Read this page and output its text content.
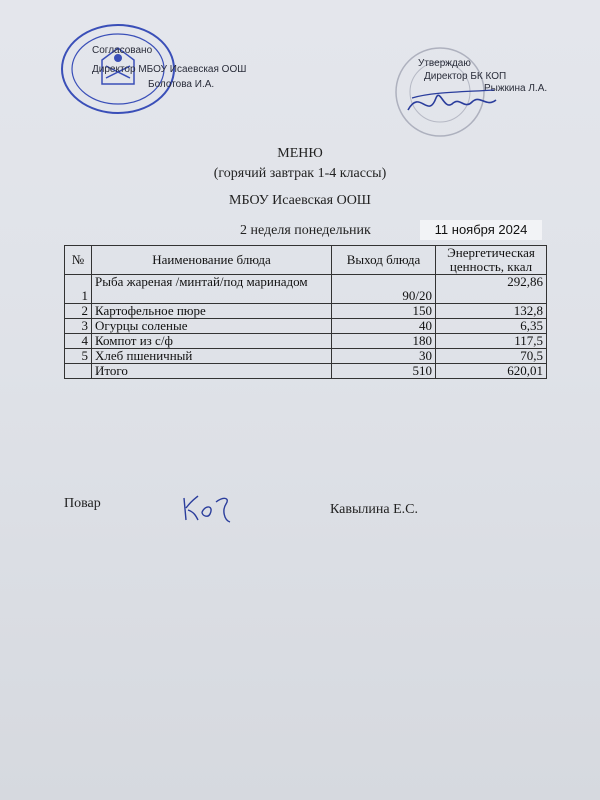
Согласовано
Директор МБОУ Исаевская ООШ
Болотова И.А.
Утверждаю
Директор БК КОП
Рыжкина Л.А.
МЕНЮ
(горячий завтрак 1-4 классы)
МБОУ Исаевская ООШ
2 неделя понедельник	11 ноября 2024
№	Наименование блюда	Выход блюда	Энергетическая
ценность, ккал
1	Рыба жареная /минтай/под маринадом	90/20	292,86
2	Картофельное пюре	150	132,8
3	Огурцы соленые	40	6,35
4	Компот из с/ф	180	117,5
5	Хлеб пшеничный	30	70,5
	Итого	510	620,01
Повар	Кавылина Е.С.
